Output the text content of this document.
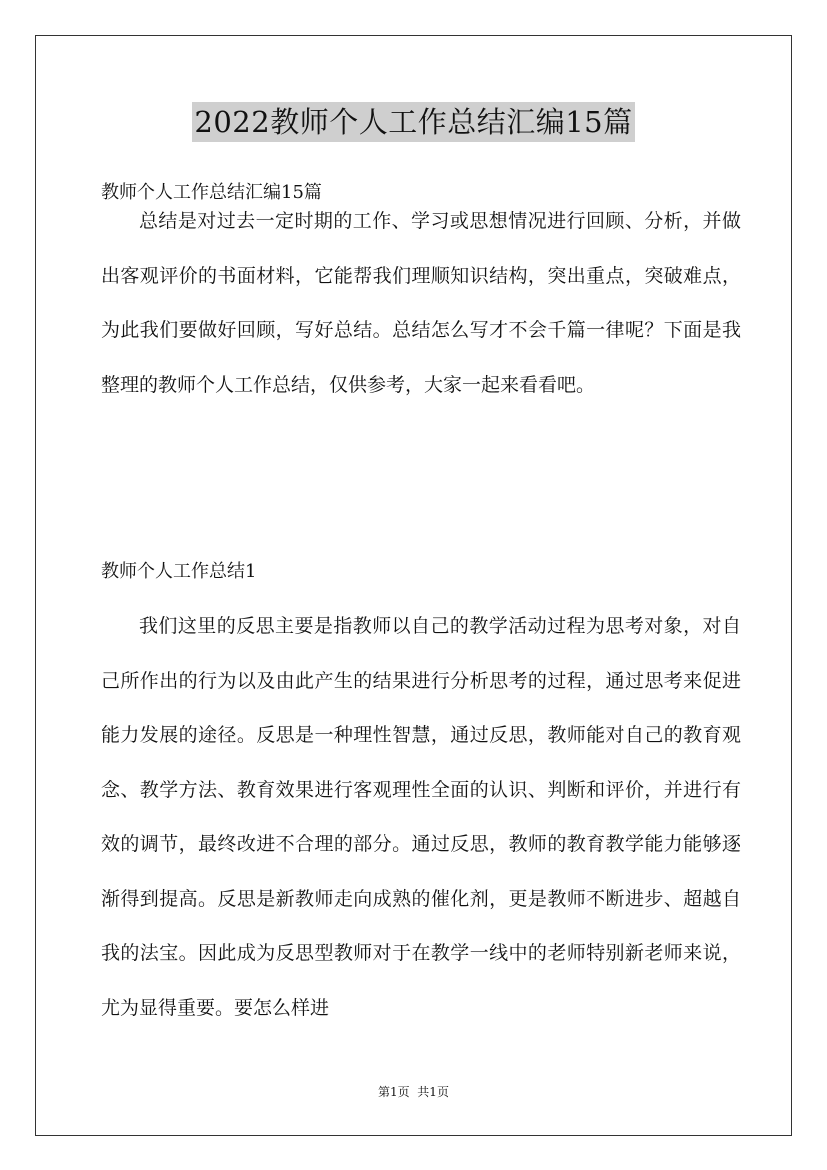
2022教师个人工作总结汇编15篇
教师个人工作总结汇编15篇

总结是对过去一定时期的工作、学习或思想情况进行回顾、分析，并做出客观评价的书面材料，它能帮我们理顺知识结构，突出重点，突破难点，为此我们要做好回顾，写好总结。总结怎么写才不会千篇一律呢？下面是我整理的教师个人工作总结，仅供参考，大家一起来看看吧。

教师个人工作总结1

我们这里的反思主要是指教师以自己的教学活动过程为思考对象，对自己所作出的行为以及由此产生的结果进行分析思考的过程，通过思考来促进能力发展的途径。反思是一种理性智慧，通过反思，教师能对自己的教育观念、教学方法、教育效果进行客观理性全面的认识、判断和评价，并进行有效的调节，最终改进不合理的部分。通过反思，教师的教育教学能力能够逐渐得到提高。反思是新教师走向成熟的催化剂，更是教师不断进步、超越自我的法宝。因此成为反思型教师对于在教学一线中的老师特别新老师来说，尤为显得重要。要怎么样进

第1页  共1页
